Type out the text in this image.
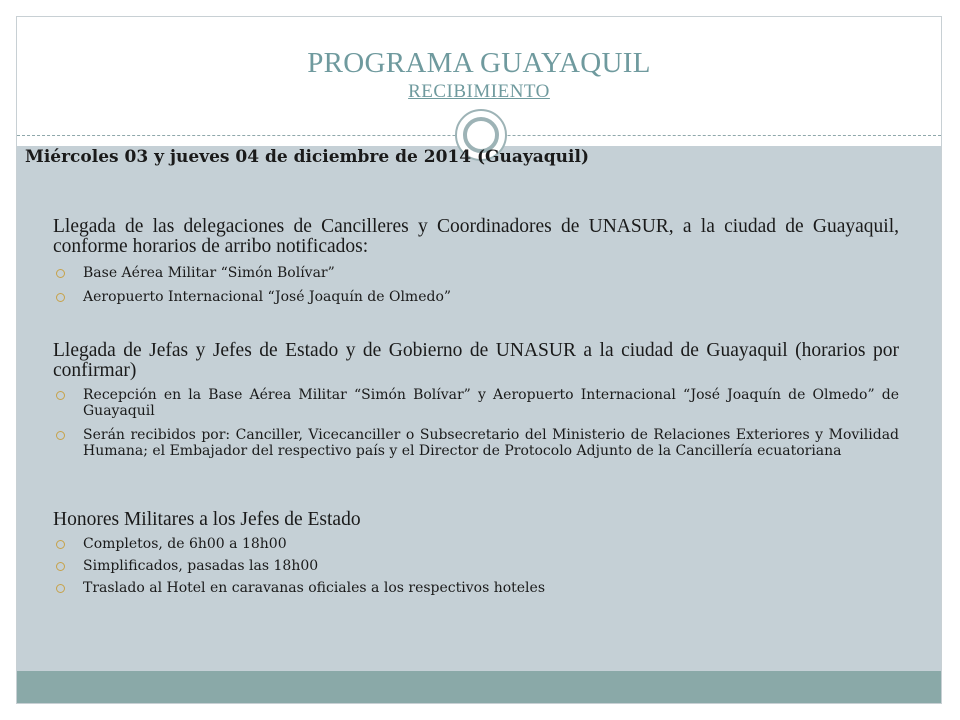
PROGRAMA GUAYAQUIL
RECIBIMIENTO
Miércoles 03 y jueves 04 de diciembre de 2014 (Guayaquil)
Llegada de las delegaciones de Cancilleres y Coordinadores de UNASUR, a la ciudad de Guayaquil, conforme horarios de arribo notificados:
Base Aérea Militar “Simón Bolívar”
Aeropuerto Internacional “José Joaquín de Olmedo”
Llegada de Jefas y Jefes de Estado y de Gobierno de UNASUR a la ciudad de Guayaquil (horarios por confirmar)
Recepción en la Base Aérea Militar “Simón Bolívar” y Aeropuerto Internacional “José Joaquín de Olmedo” de Guayaquil
Serán recibidos por: Canciller, Vicecanciller o Subsecretario del Ministerio de Relaciones Exteriores y Movilidad Humana; el Embajador del respectivo país y el Director de Protocolo Adjunto de la Cancillería ecuatoriana
Honores Militares a los Jefes de Estado
Completos, de 6h00 a 18h00
Simplificados, pasadas las 18h00
Traslado al Hotel en caravanas oficiales a los respectivos hoteles
